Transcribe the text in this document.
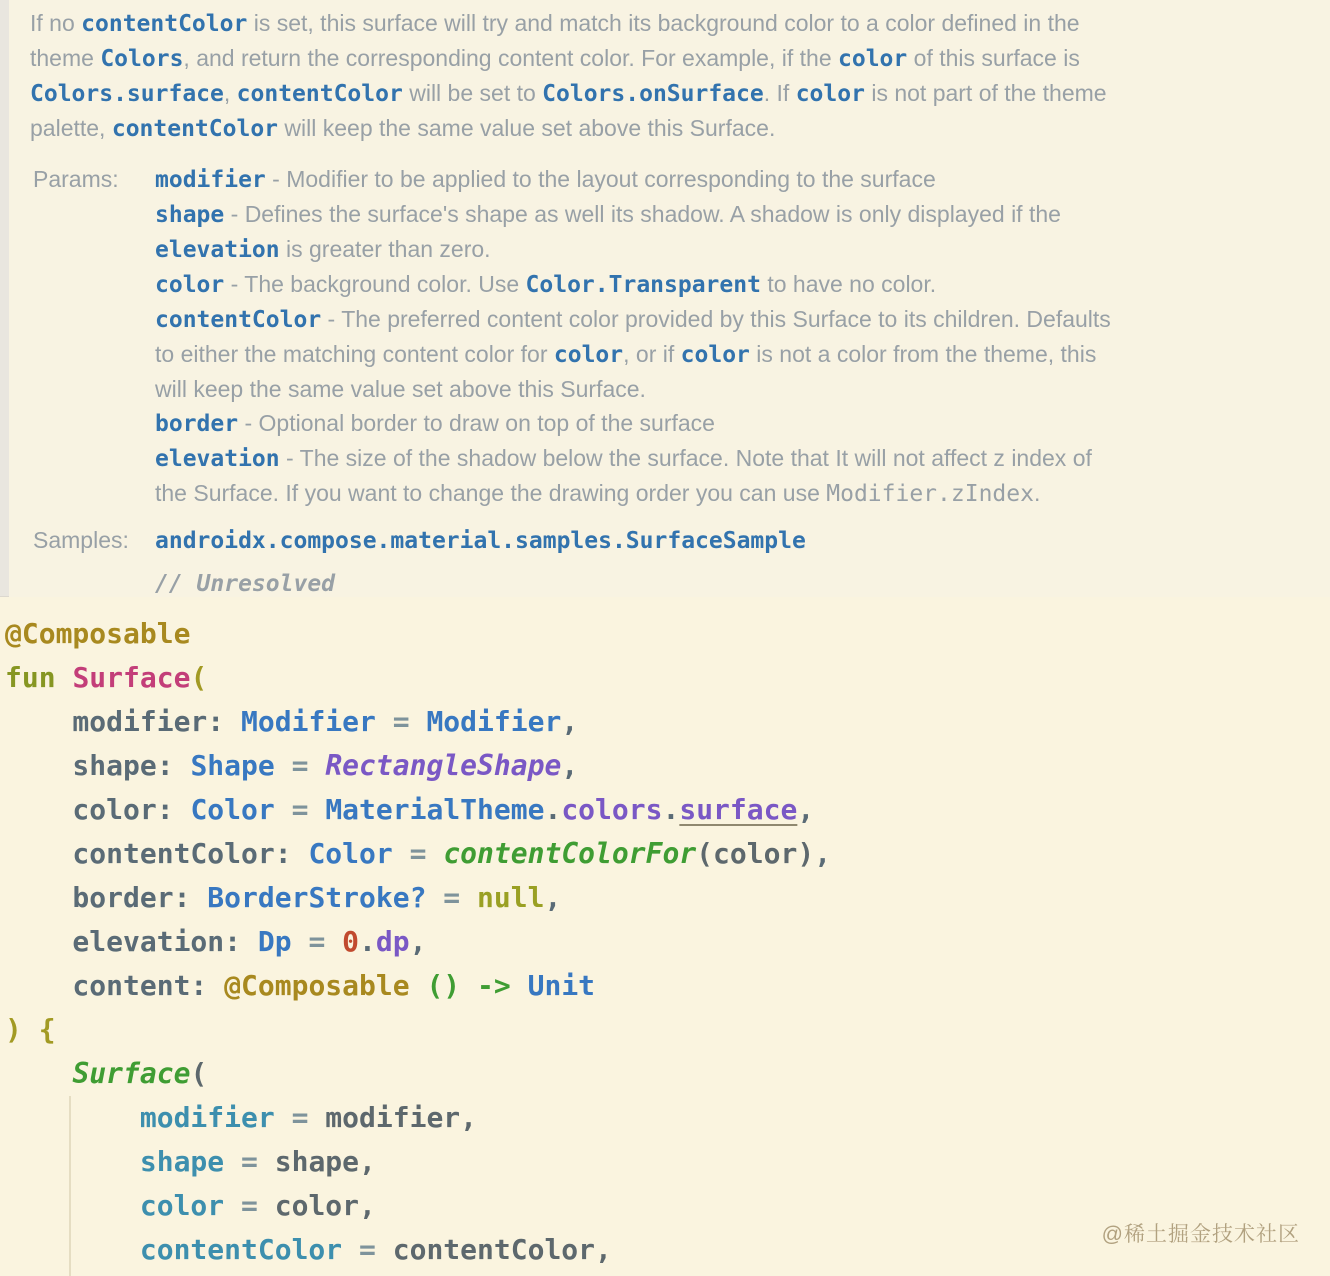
If no contentColor is set, this surface will try and match its background color to a color defined in the
theme Colors, and return the corresponding content color. For example, if the color of this surface is
Colors.surface, contentColor will be set to Colors.onSurface. If color is not part of the theme
palette, contentColor will keep the same value set above this Surface.
Params:	modifier - Modifier to be applied to the layout corresponding to the surface
shape - Defines the surface's shape as well its shadow. A shadow is only displayed if the
elevation is greater than zero.
color - The background color. Use Color.Transparent to have no color.
contentColor - The preferred content color provided by this Surface to its children. Defaults
to either the matching content color for color, or if color is not a color from the theme, this
will keep the same value set above this Surface.
border - Optional border to draw on top of the surface
elevation - The size of the shadow below the surface. Note that It will not affect z index of
the Surface. If you want to change the drawing order you can use Modifier.zIndex.
Samples:	androidx.compose.material.samples.SurfaceSample
// Unresolved
@Composable
fun Surface(
modifier: Modifier = Modifier,
shape: Shape = RectangleShape,
color: Color = MaterialTheme.colors.surface,
contentColor: Color = contentColorFor(color),
border: BorderStroke? = null,
elevation: Dp = 0.dp,
content: @Composable () -> Unit
) {
Surface(
modifier = modifier,
shape = shape,
color = color,
contentColor = contentColor,	@稀土掘金技术社区
